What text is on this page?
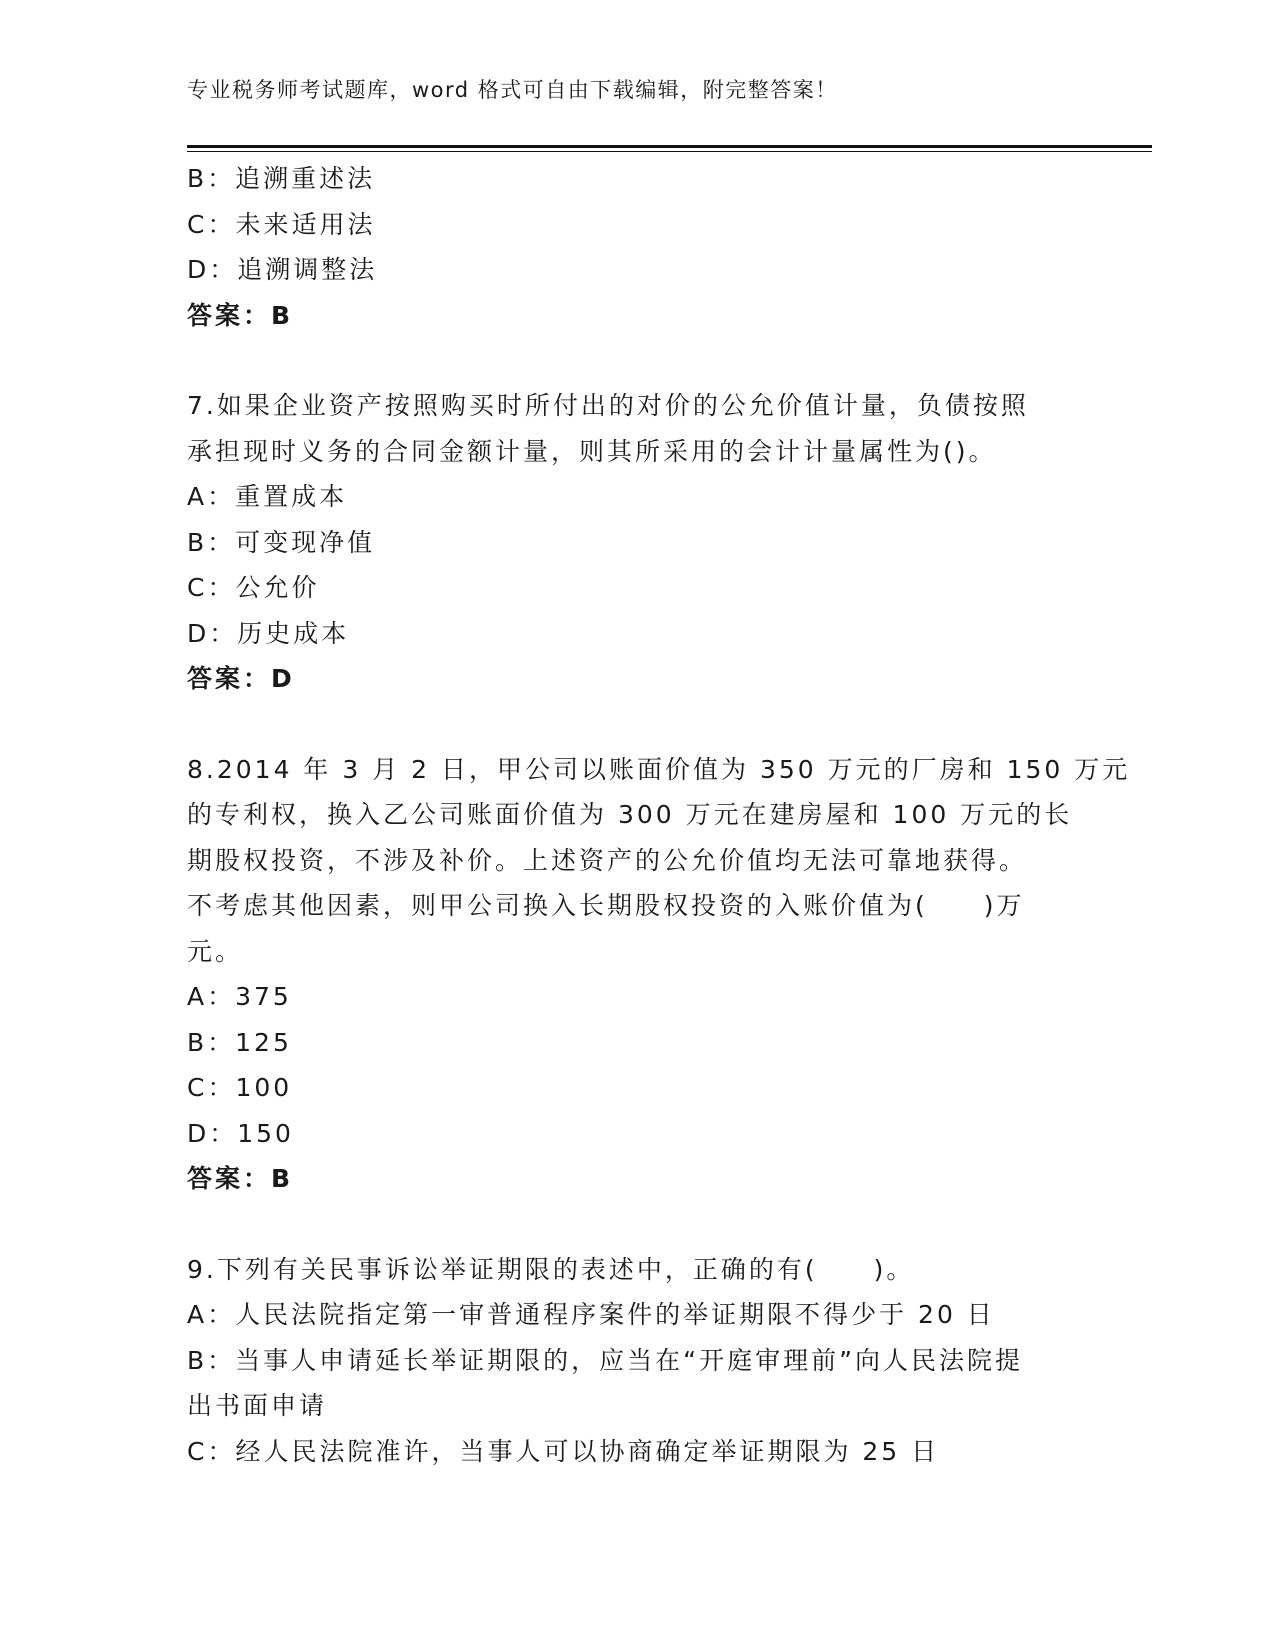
专业税务师考试题库，word 格式可自由下载编辑，附完整答案！
B：追溯重述法
C：未来适用法
D：追溯调整法
答案：B
7.如果企业资产按照购买时所付出的对价的公允价值计量，负债按照
承担现时义务的合同金额计量，则其所采用的会计计量属性为()。
A：重置成本
B：可变现净值
C：公允价
D：历史成本
答案：D
8.2014 年 3 月 2 日，甲公司以账面价值为 350 万元的厂房和 150 万元
的专利权，换入乙公司账面价值为 300 万元在建房屋和 100 万元的长
期股权投资，不涉及补价。上述资产的公允价值均无法可靠地获得。
不考虑其他因素，则甲公司换入长期股权投资的入账价值为(　　)万
元。
A：375
B：125
C：100
D：150
答案：B
9.下列有关民事诉讼举证期限的表述中，正确的有(　　)。
A：人民法院指定第一审普通程序案件的举证期限不得少于 20 日
B：当事人申请延长举证期限的，应当在“开庭审理前”向人民法院提
出书面申请
C：经人民法院准许，当事人可以协商确定举证期限为 25 日
